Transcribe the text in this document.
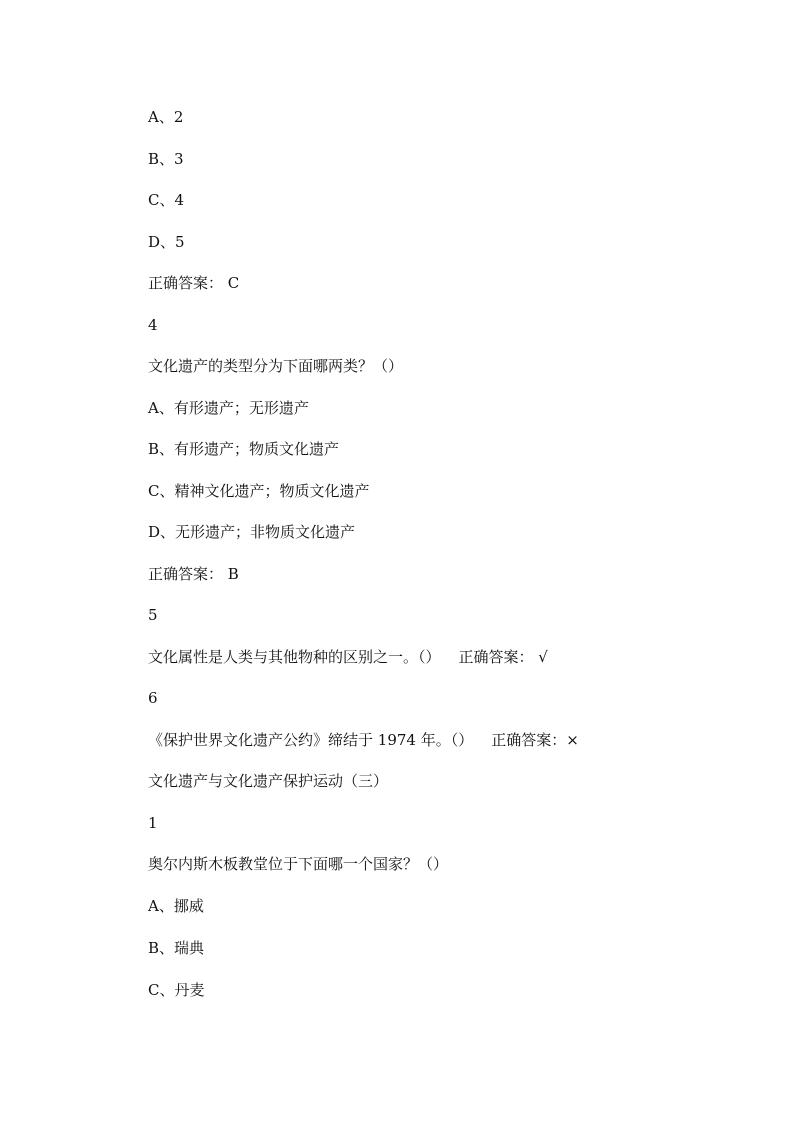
A、2
B、3
C、4
D、5
正确答案： C
4
文化遗产的类型分为下面哪两类？（）
A、有形遗产；无形遗产
B、有形遗产；物质文化遗产
C、精神文化遗产；物质文化遗产
D、无形遗产；非物质文化遗产
正确答案： B
5
文化属性是人类与其他物种的区别之一。（） 正确答案： √
6
《保护世界文化遗产公约》缔结于 1974 年。（） 正确答案：×
文化遗产与文化遗产保护运动（三）
1
奥尔内斯木板教堂位于下面哪一个国家？（）
A、挪威
B、瑞典
C、丹麦
